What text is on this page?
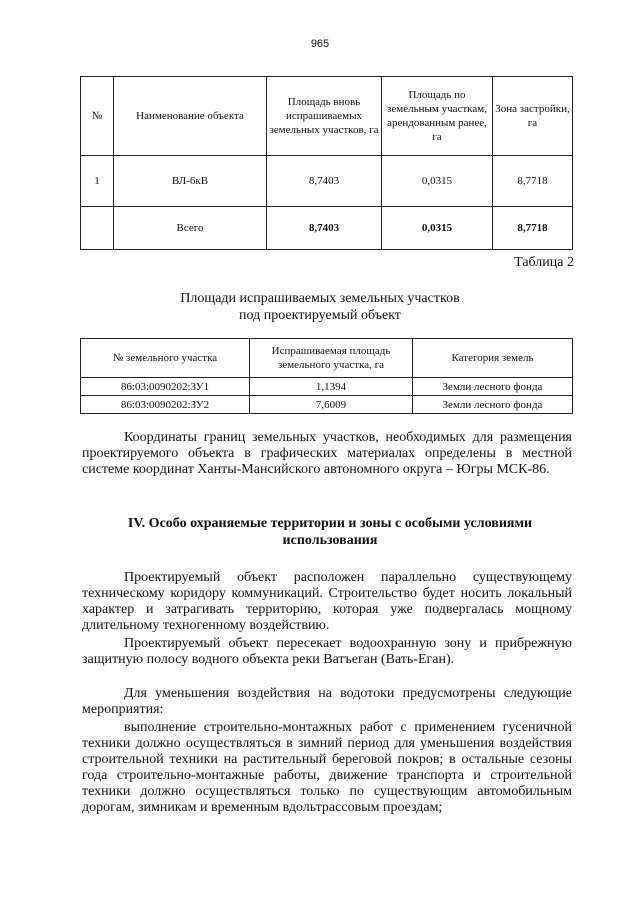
965
№	Наименование объекта	Площадь вновь испрашиваемых земельных участков, га	Площадь по земельным участкам, арендованным ранее, га	Зона застройки, га
1	ВЛ-6кВ	8,7403	0,0315	8,7718
	Всего	8,7403	0,0315	8,7718
Таблица 2
Площади испрашиваемых земельных участков
под проектируемый объект
№ земельного участка	Испрашиваемая площадь земельного участка, га	Категория земель
86:03:0090202:ЗУ1	1,1394	Земли лесного фонда
86:03:0090202:ЗУ2	7,6009	Земли лесного фонда
Координаты границ земельных участков, необходимых для размещения проектируемого объекта в графических материалах определены в местной системе координат Ханты-Мансийского автономного округа – Югры МСК-86.
IV. Особо охраняемые территории и зоны с особыми условиями использования
Проектируемый объект расположен параллельно существующему техническому коридору коммуникаций. Строительство будет носить локальный характер и затрагивать территорию, которая уже подвергалась мощному длительному техногенному воздействию.
Проектируемый объект пересекает водоохранную зону и прибрежную защитную полосу водного объекта реки Ватъеган (Вать-Еган).
Для уменьшения воздействия на водотоки предусмотрены следующие мероприятия:
выполнение строительно-монтажных работ с применением гусеничной техники должно осуществляться в зимний период для уменьшения воздействия строительной техники на растительный береговой покров; в остальные сезоны года строительно-монтажные работы, движение транспорта и строительной техники должно осуществляться только по существующим автомобильным дорогам, зимникам и временным вдольтрассовым проездам;
